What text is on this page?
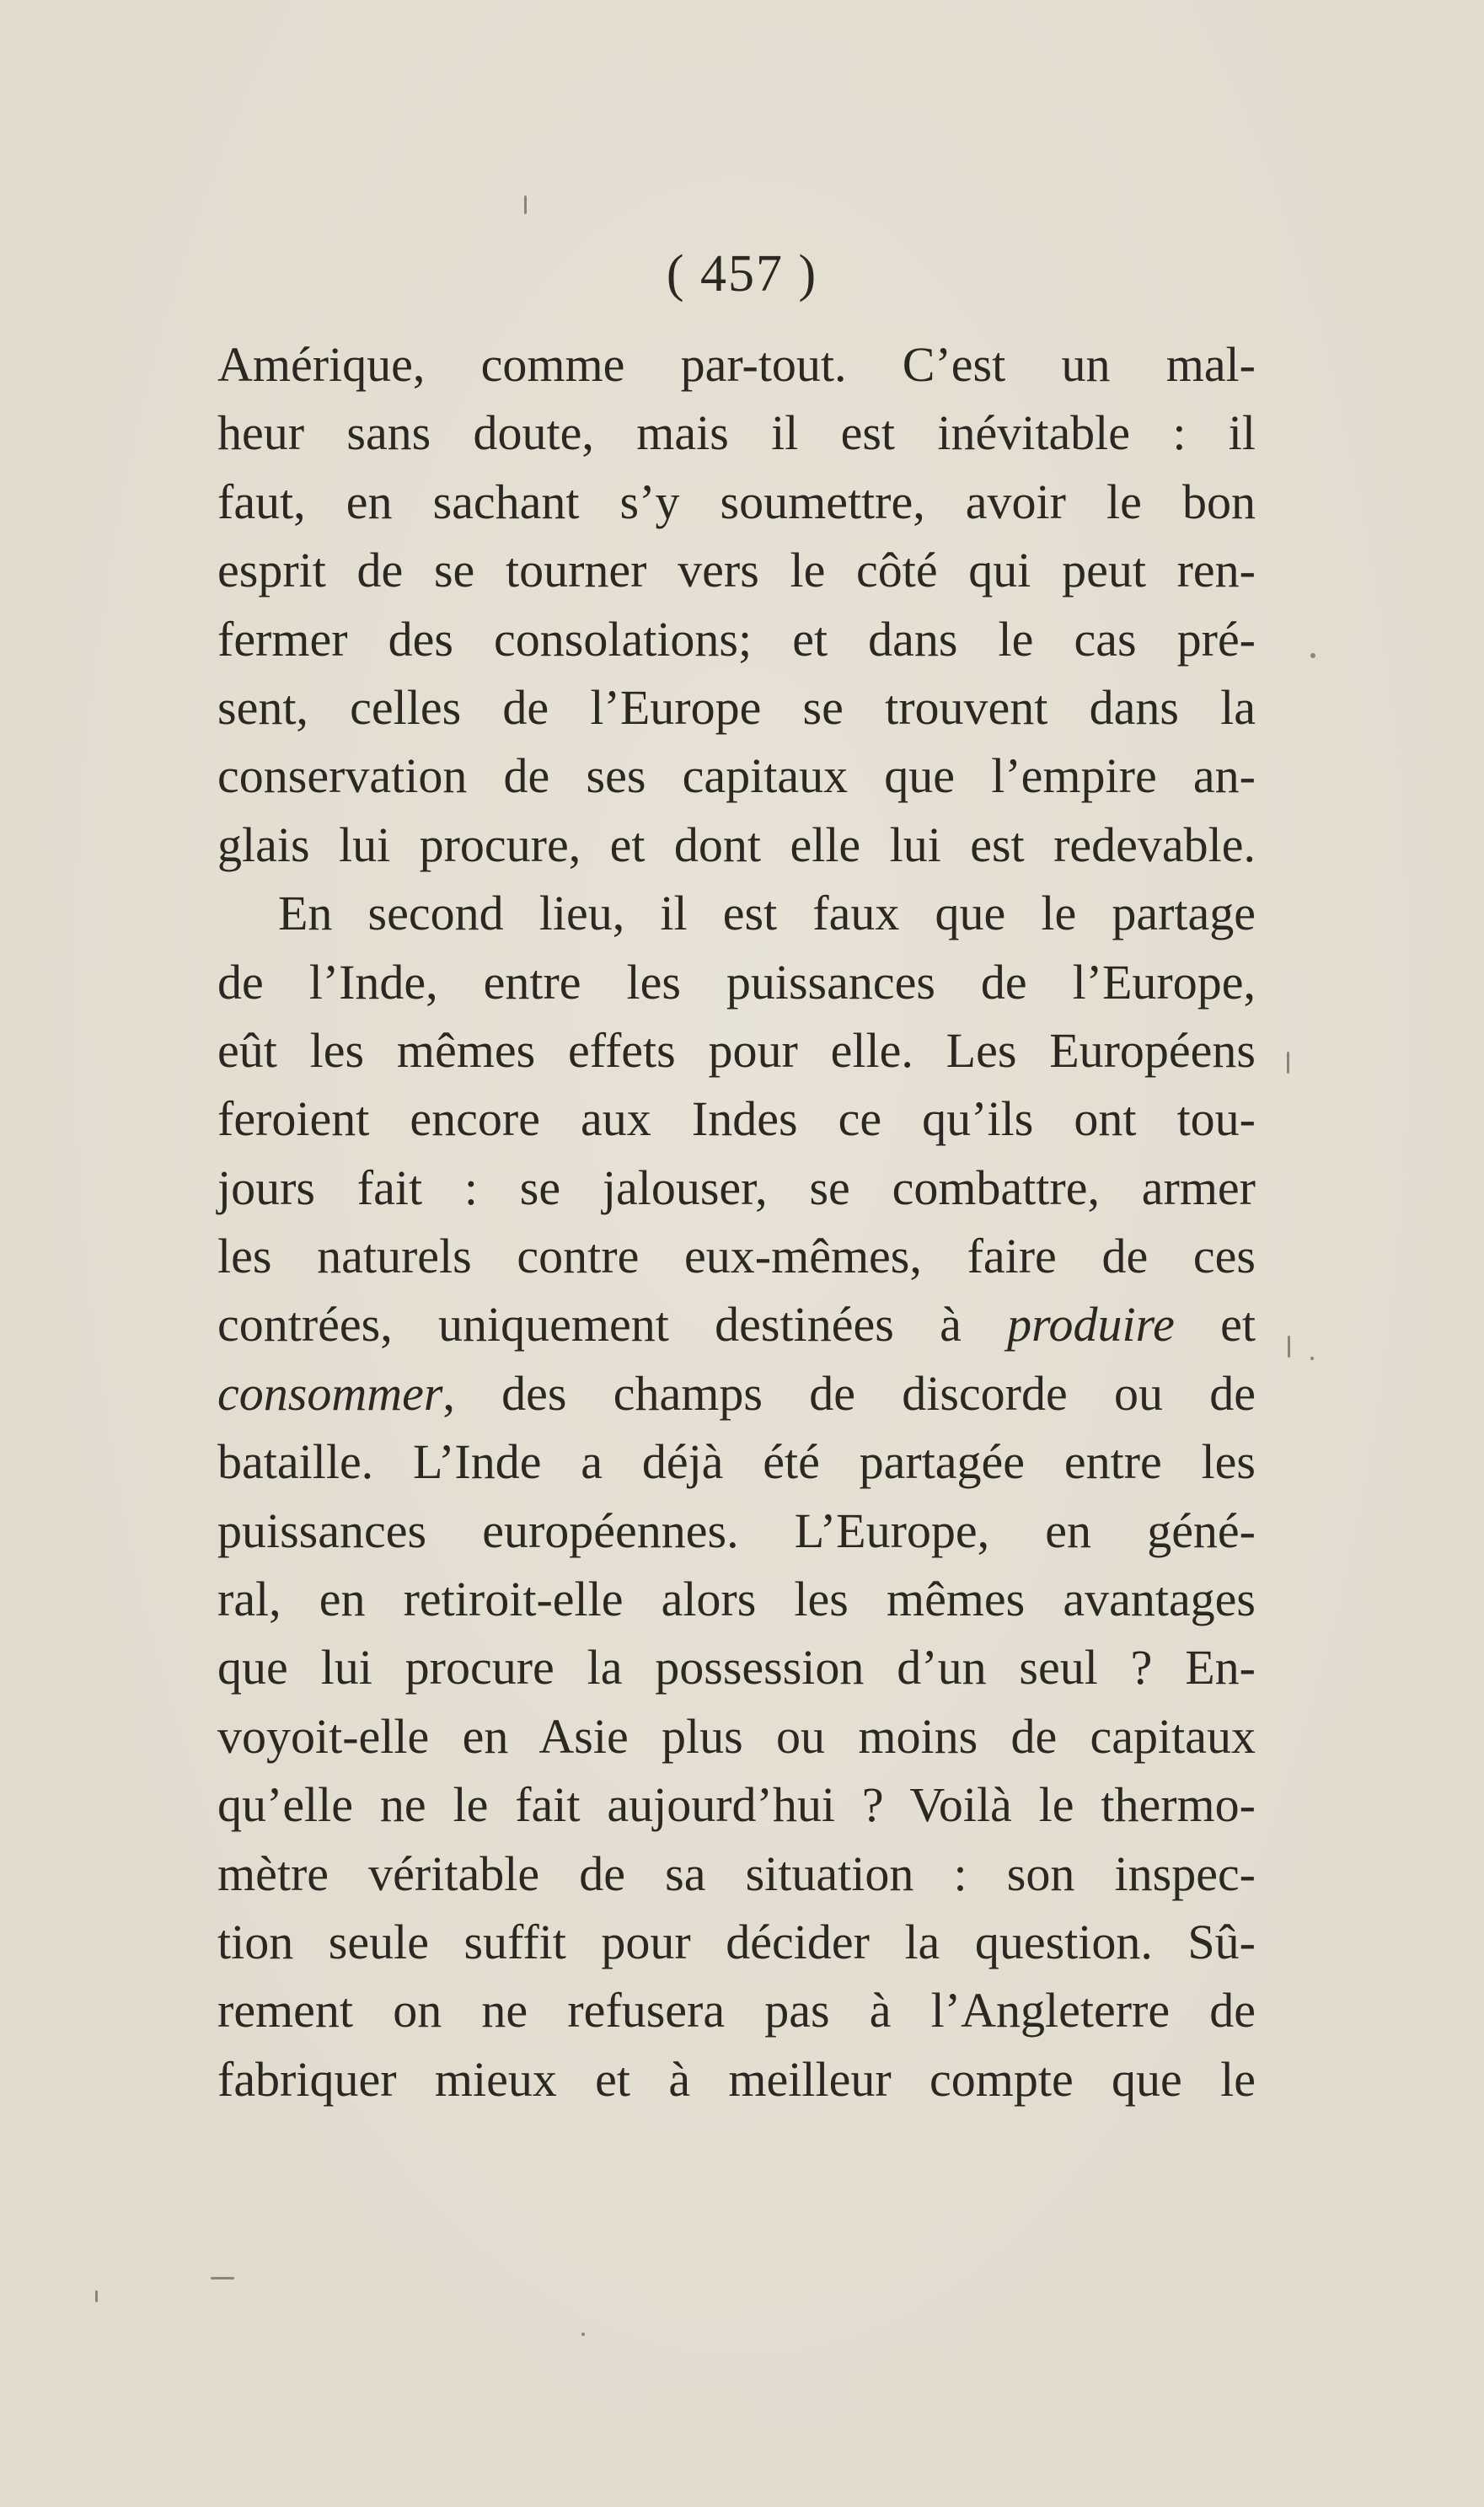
( 457 )
Amérique, comme par-tout. C’est un mal-
heur sans doute, mais il est inévitable : il
faut, en sachant s’y soumettre, avoir le bon
esprit de se tourner vers le côté qui peut ren-
fermer des consolations; et dans le cas pré-
sent, celles de l’Europe se trouvent dans la
conservation de ses capitaux que l’empire an-
glais lui procure, et dont elle lui est redevable.
En second lieu, il est faux que le partage
de l’Inde, entre les puissances de l’Europe,
eût les mêmes effets pour elle. Les Européens
feroient encore aux Indes ce qu’ils ont tou-
jours fait : se jalouser, se combattre, armer
les naturels contre eux-mêmes, faire de ces
contrées, uniquement destinées à produire et
consommer, des champs de discorde ou de
bataille. L’Inde a déjà été partagée entre les
puissances européennes. L’Europe, en géné-
ral, en retiroit-elle alors les mêmes avantages
que lui procure la possession d’un seul ? En-
voyoit-elle en Asie plus ou moins de capitaux
qu’elle ne le fait aujourd’hui ? Voilà le thermo-
mètre véritable de sa situation : son inspec-
tion seule suffit pour décider la question. Sû-
rement on ne refusera pas à l’Angleterre de
fabriquer mieux et à meilleur compte que le
